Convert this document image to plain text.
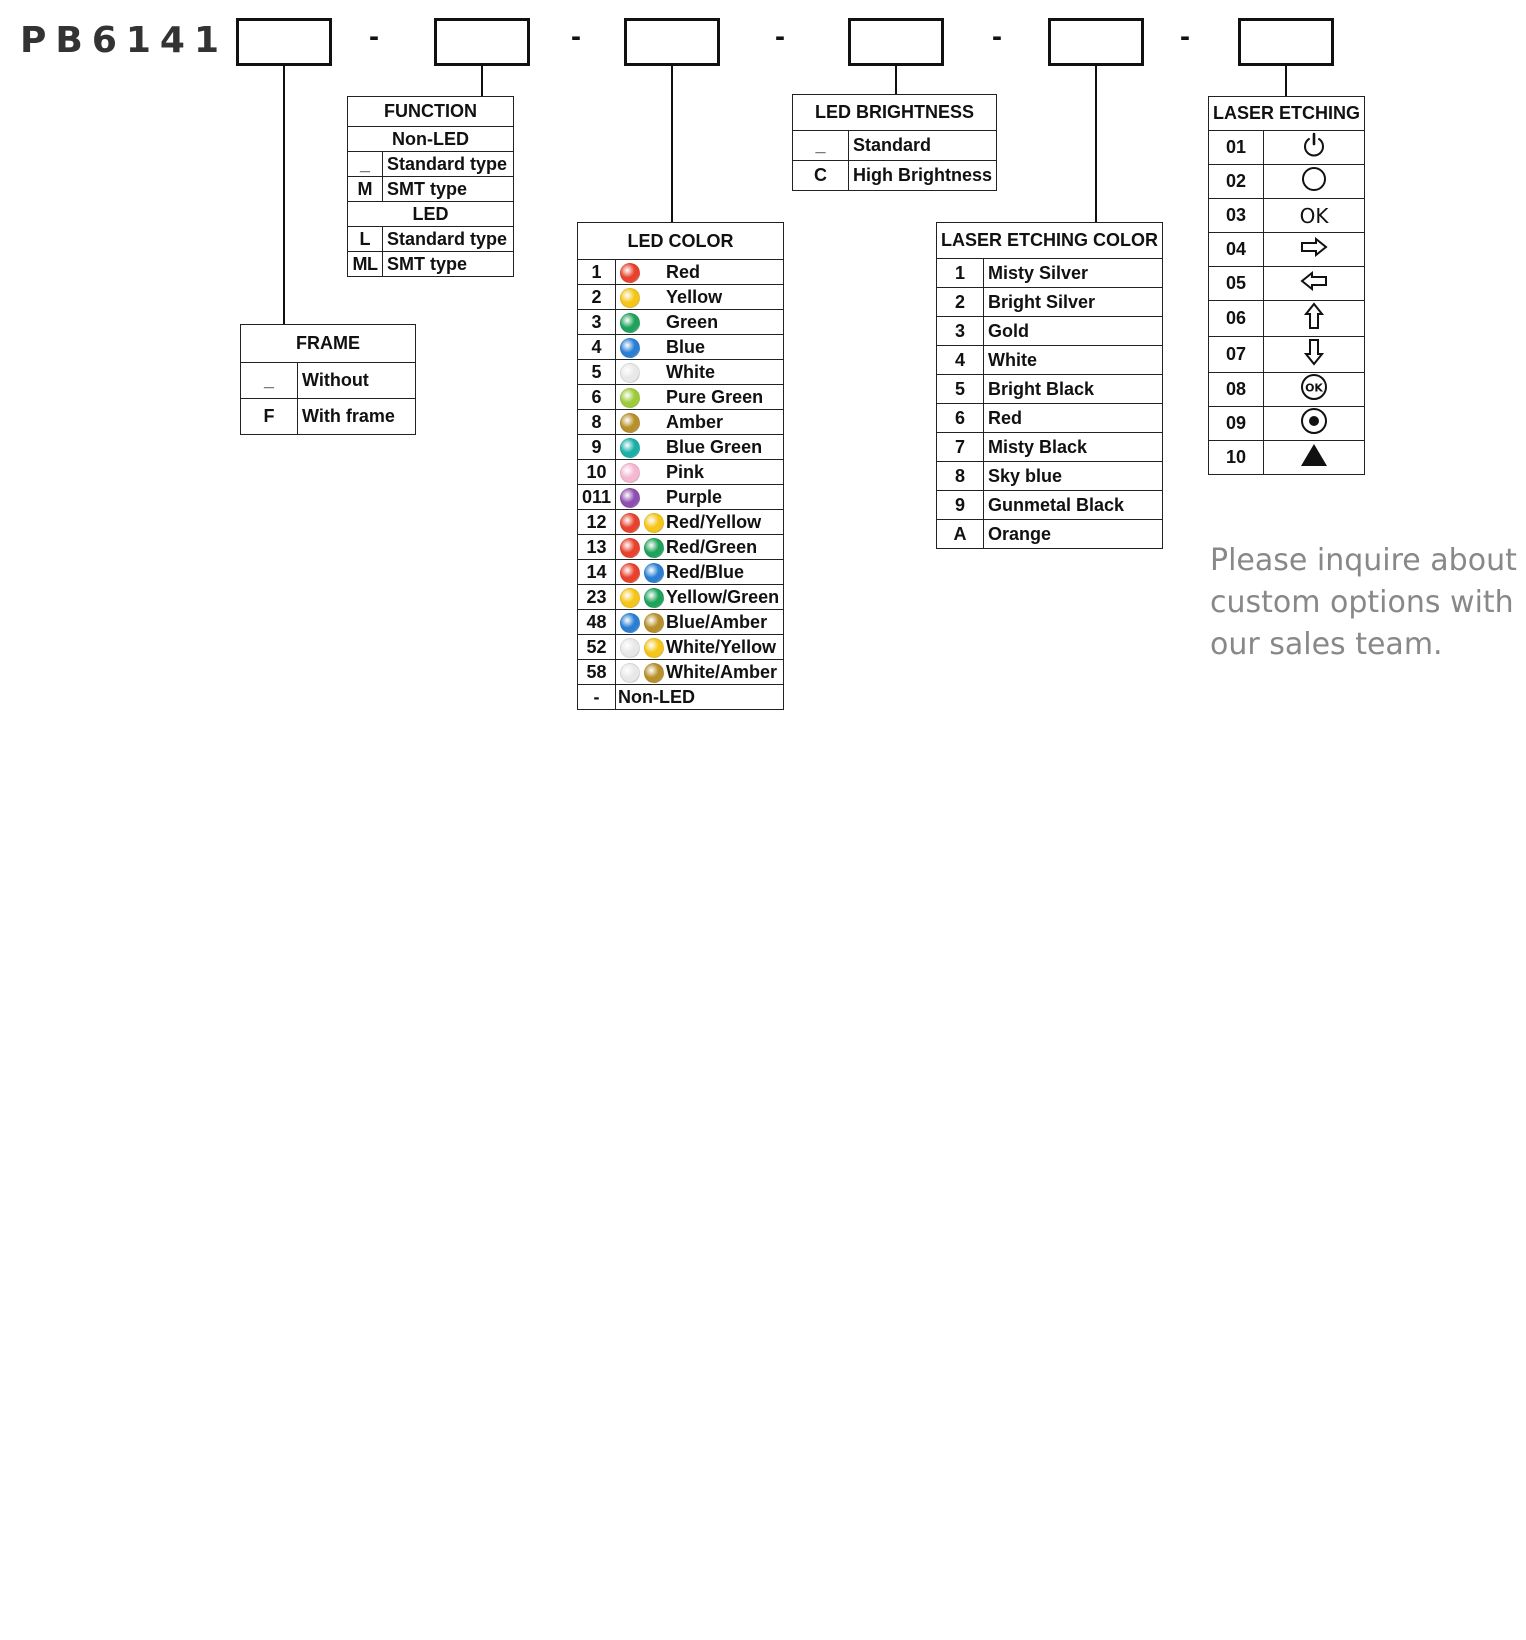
PB6141	-	-	-	-	-
FUNCTION	
Non-LED	
_	Standard type
M	SMT type
LED	
L	Standard type
ML	SMT type
FRAME	
_	Without
F	With frame
LED COLOR		
1		Red
2		Yellow
3		Green
4		Blue
5		White
6		Pure Green
8		Amber
9		Blue Green
10		Pink
011		Purple
12		Red/Yellow
13		Red/Green
14		Red/Blue
23		Yellow/Green
48		Blue/Amber
52		White/Yellow
58		White/Amber
-	Non-LED	
LED BRIGHTNESS	
_	Standard
C	High Brightness
LASER ETCHING COLOR	
1	Misty Silver
2	Bright Silver
3	Gold
4	White
5	Bright Black
6	Red
7	Misty Black
8	Sky blue
9	Gunmetal Black
A	Orange
LASER ETCHING	
01	
02	
03	OK
04	
05	
06	
07	
08	OK

09	
10	
Please inquire about custom options with our sales team.
